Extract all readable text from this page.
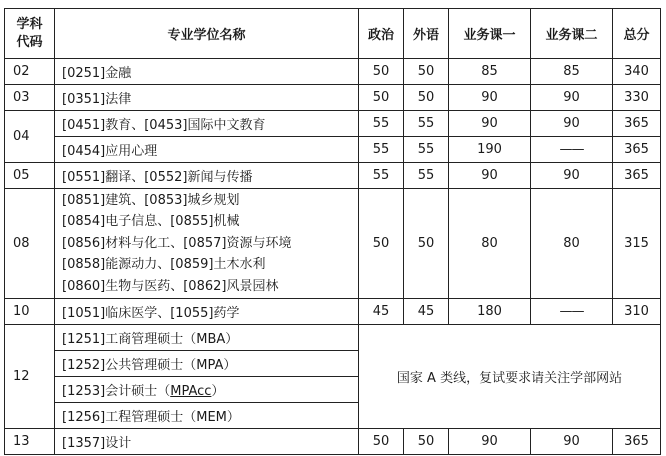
学科
代码	专业学位名称	政治	外语	业务课一	业务课二	总分
02	[0251]金融	50	50	85	85	340
03	[0351]法律	50	50	90	90	330
04	[0451]教育、[0453]国际中文教育	55	55	90	90	365
	[0454]应用心理	55	55	190	——	365
05	[0551]翻译、[0552]新闻与传播	55	55	90	90	365
08	[0851]建筑、[0853]城乡规划
[0854]电子信息、[0855]机械
[0856]材料与化工、[0857]资源与环境
[0858]能源动力、[0859]土木水利
[0860]生物与医药、[0862]风景园林	50	50	80	80	315
10	[1051]临床医学、[1055]药学	45	45	180	——	310
12	[1251]工商管理硕士（MBA）	国家 A 类线，复试要求请关注学部网站				
	[1252]公共管理硕士（MPA）					
	[1253]会计硕士（MPAcc）					
	[1256]工程管理硕士（MEM）					
13	[1357]设计	50	50	90	90	365
